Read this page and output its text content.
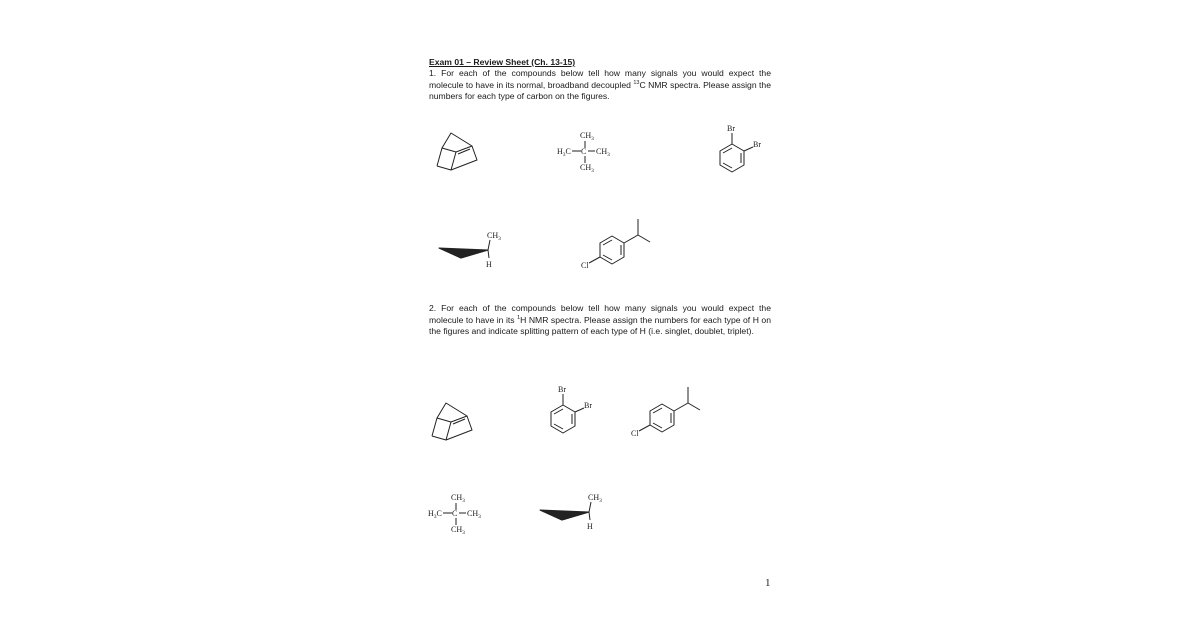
Exam 01 – Review Sheet (Ch. 13-15)
1. For each of the compounds below tell how many signals you would expect the molecule to have in its normal, broadband decoupled $^{13}$C NMR spectra. Please assign the numbers for each type of carbon on the figures.
2. For each of the compounds below tell how many signals you would expect the molecule to have in its $^1$H NMR spectra. Please assign the numbers for each type of H on the figures and indicate splitting pattern of each type of H (i.e. singlet, doublet, triplet).
$CH_3$
$H_3C$ C $CH_3$
$CH_3$
Br
Br
$CH_3$
H	Cl
Br
Br
Cl
$CH_3$
$H_3C$ C $CH_3$
$CH_3$
$CH_3$
H
1
